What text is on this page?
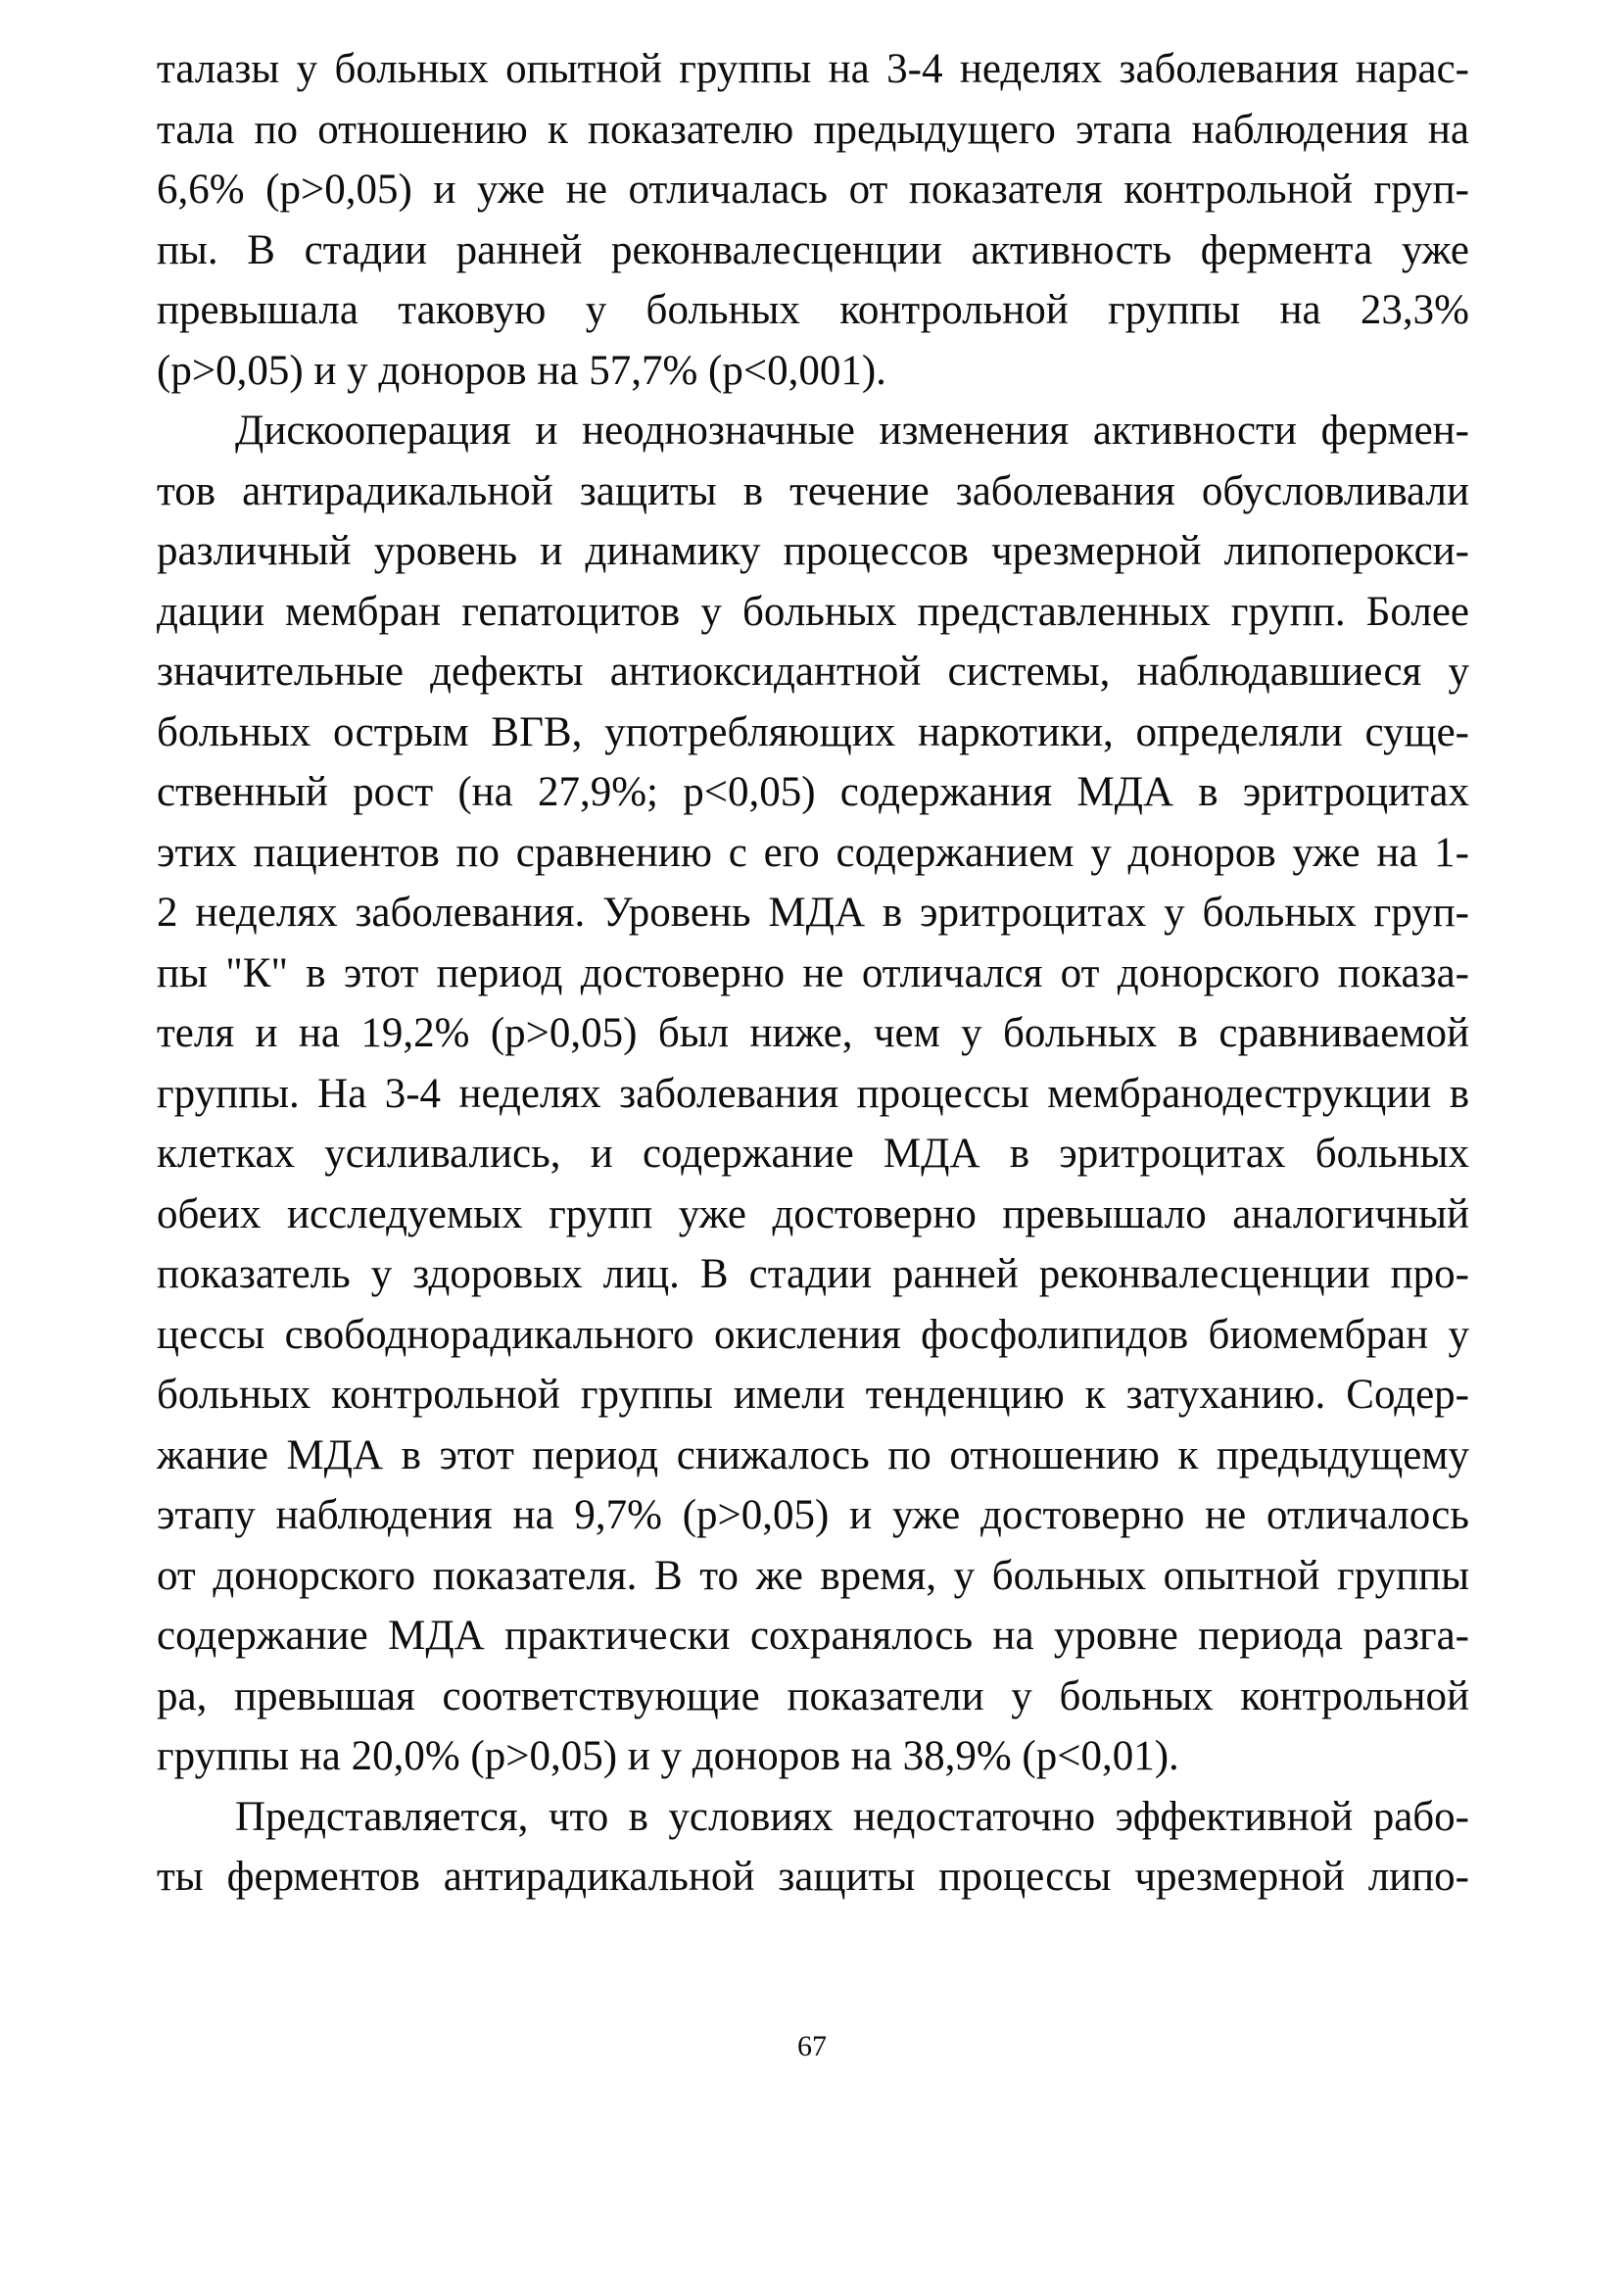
талазы у больных опытной группы на 3-4 неделях заболевания нарас-
тала по отношению к показателю предыдущего этапа наблюдения на
6,6% (р>0,05) и уже не отличалась от показателя контрольной груп-
пы. В стадии ранней реконвалесценции активность фермента уже
превышала таковую у больных контрольной группы на 23,3%
(р>0,05) и у доноров на 57,7% (р<0,001).
Дискооперация и неоднозначные изменения активности фермен-
тов антирадикальной защиты в течение заболевания обусловливали
различный уровень и динамику процессов чрезмерной липоперокси-
дации мембран гепатоцитов у больных представленных групп. Более
значительные дефекты антиоксидантной системы, наблюдавшиеся у
больных острым ВГВ, употребляющих наркотики, определяли суще-
ственный рост (на 27,9%; р<0,05) содержания МДА в эритроцитах
этих пациентов по сравнению с его содержанием у доноров уже на 1-
2 неделях заболевания. Уровень МДА в эритроцитах у больных груп-
пы "К" в этот период достоверно не отличался от донорского показа-
теля и на 19,2% (р>0,05) был ниже, чем у больных в сравниваемой
группы. На 3-4 неделях заболевания процессы мембранодеструкции в
клетках усиливались, и содержание МДА в эритроцитах больных
обеих исследуемых групп уже достоверно превышало аналогичный
показатель у здоровых лиц. В стадии ранней реконвалесценции про-
цессы свободнорадикального окисления фосфолипидов биомембран у
больных контрольной группы имели тенденцию к затуханию. Содер-
жание МДА в этот период снижалось по отношению к предыдущему
этапу наблюдения на 9,7% (р>0,05) и уже достоверно не отличалось
от донорского показателя. В то же время, у больных опытной группы
содержание МДА практически сохранялось на уровне периода разга-
ра, превышая соответствующие показатели у больных контрольной
группы на 20,0% (р>0,05) и у доноров на 38,9% (р<0,01).
Представляется, что в условиях недостаточно эффективной рабо-
ты ферментов антирадикальной защиты процессы чрезмерной липо-
67
